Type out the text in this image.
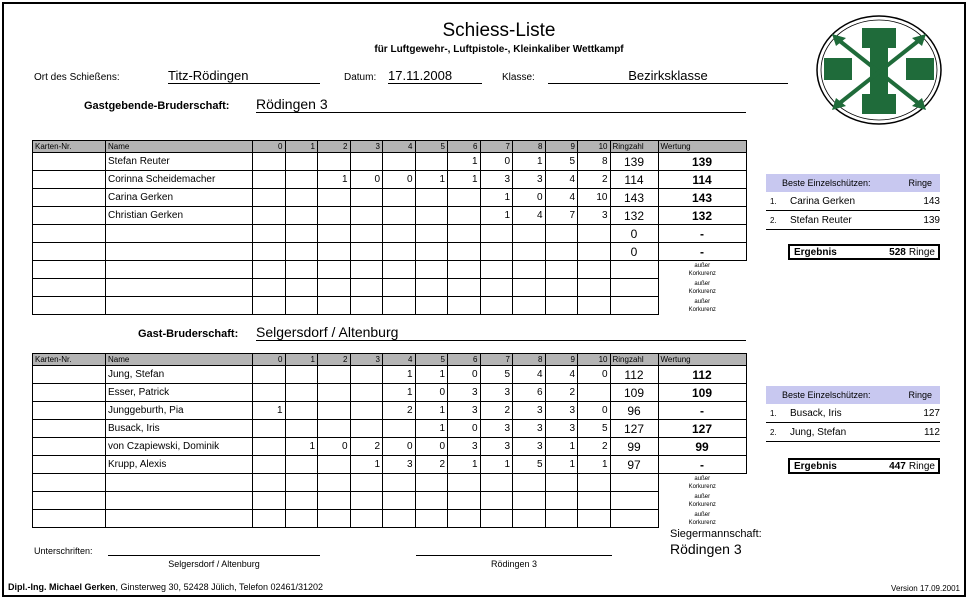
Schiess-Liste
für Luftgewehr-, Luftpistole-, Kleinkaliber Wettkampf
Ort des Schießens:	Titz-Rödingen	Datum: 17.11.2008	Klasse:	Bezirksklasse
Gastgebende-Bruderschaft: Rödingen 3
Karten-Nr.	Name	0	1	2	3	4	5	6	7	8	9	10	Ringzahl	Wertung
	Stefan Reuter							1	0	1	5	8	139	139
	Corinna Scheidemacher			1	0	0	1	1	3	3	4	2	114	114
	Carina Gerken								1	0	4	10	143	143
	Christian Gerken								1	4	7	3	132	132
													0	-
													0	-

														außer
Korkurenz

														außer
Korkurenz

														außer
Korkurenz
Beste Einzelschützen:	Ringe
1.	Carina Gerken	143
2.	Stefan Reuter	139
Ergebnis	528 Ringe
Gast-Bruderschaft: Selgersdorf / Altenburg
Karten-Nr.	Name	0	1	2	3	4	5	6	7	8	9	10	Ringzahl	Wertung
	Jung, Stefan					1	1	0	5	4	4	0	112	112
	Esser, Patrick					1	0	3	3	6	2		109	109
	Junggeburth, Pia	1				2	1	3	2	3	3	0	96	-
	Busack, Iris						1	0	3	3	3	5	127	127
	von Czapiewski, Dominik		1	0	2	0	0	3	3	3	1	2	99	99
	Krupp, Alexis				1	3	2	1	1	5	1	1	97	-

														außer
Korkurenz

														außer
Korkurenz

														außer
Korkurenz
Beste Einzelschützen:	Ringe
1.	Busack, Iris	127
2.	Jung, Stefan	112
Ergebnis	447 Ringe
Siegermannschaft:
Rödingen 3
Unterschriften:
Selgersdorf / Altenburg	Rödingen 3
Dipl.-Ing. Michael Gerken, Ginsterweg 30, 52428 Jülich, Telefon 02461/31202	Version 17.09.2001
